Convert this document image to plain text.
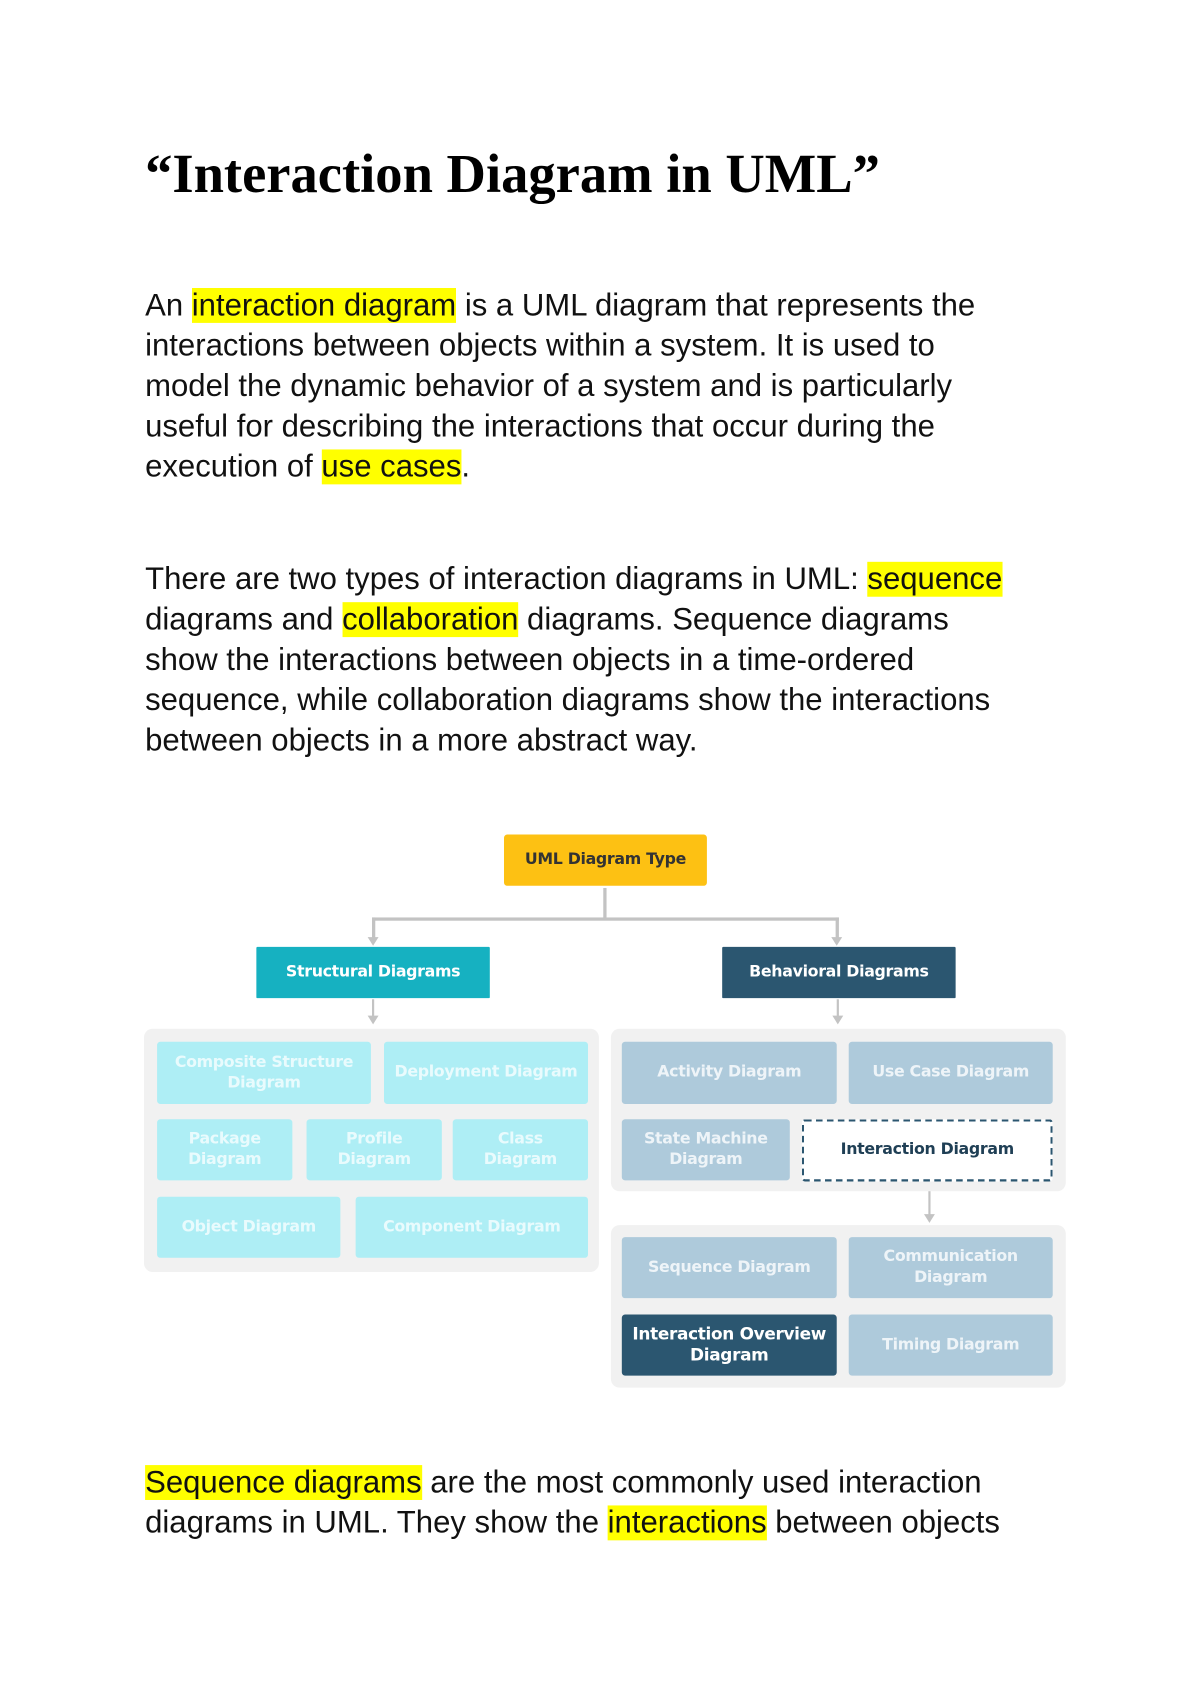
“Interaction Diagram in UML”
An interaction diagram is a UML diagram that represents the
interactions between objects within a system. It is used to
model the dynamic behavior of a system and is particularly
useful for describing the interactions that occur during the
execution of use cases.
There are two types of interaction diagrams in UML: sequence
diagrams and collaboration diagrams. Sequence diagrams
show the interactions between objects in a time-ordered
sequence, while collaboration diagrams show the interactions
between objects in a more abstract way.
Sequence diagrams are the most commonly used interaction
diagrams in UML. They show the interactions between objects
UML Diagram Type
Structural Diagrams	Behavioral Diagrams
Composite Structure Diagram
Deployment Diagram
Package Diagram
Profile Diagram
Class Diagram
Object Diagram	Component Diagram
Activity Diagram	Use Case Diagram
State Machine Diagram
Interaction Diagram
Sequence Diagram
Communication Diagram
Interaction Overview Diagram
Timing Diagram
